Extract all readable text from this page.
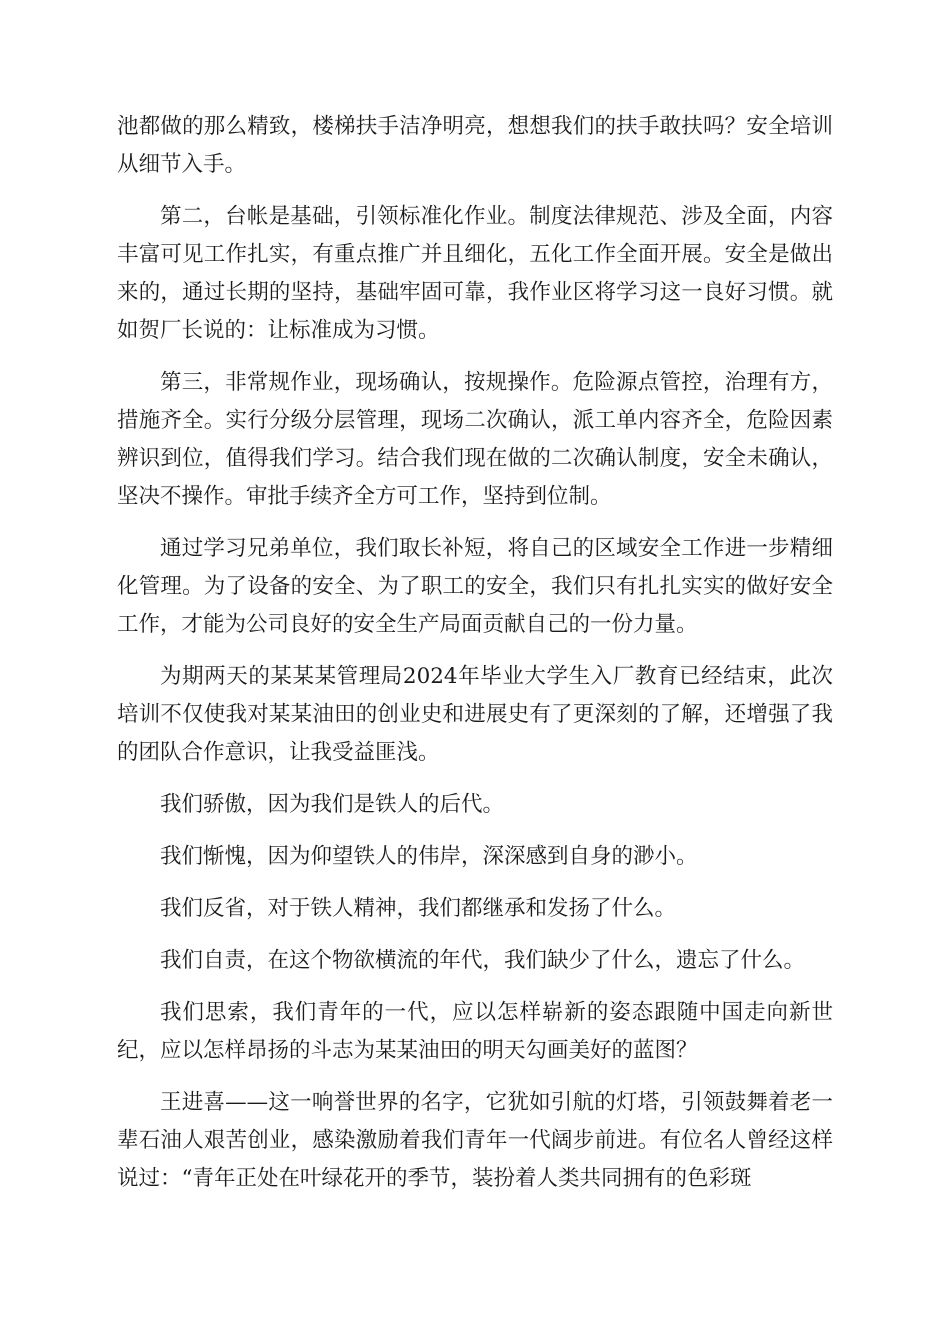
池都做的那么精致，楼梯扶手洁净明亮，想想我们的扶手敢扶吗？安全培训从细节入手。

第二，台帐是基础，引领标准化作业。制度法律规范、涉及全面，内容丰富可见工作扎实，有重点推广并且细化，五化工作全面开展。安全是做出来的，通过长期的坚持，基础牢固可靠，我作业区将学习这一良好习惯。就如贺厂长说的：让标准成为习惯。

第三，非常规作业，现场确认，按规操作。危险源点管控，治理有方，措施齐全。实行分级分层管理，现场二次确认，派工单内容齐全，危险因素辨识到位，值得我们学习。结合我们现在做的二次确认制度，安全未确认，坚决不操作。审批手续齐全方可工作，坚持到位制。

通过学习兄弟单位，我们取长补短，将自己的区域安全工作进一步精细化管理。为了设备的安全、为了职工的安全，我们只有扎扎实实的做好安全工作，才能为公司良好的安全生产局面贡献自己的一份力量。

为期两天的某某某管理局2024年毕业大学生入厂教育已经结束，此次培训不仅使我对某某油田的创业史和进展史有了更深刻的了解，还增强了我的团队合作意识，让我受益匪浅。

我们骄傲，因为我们是铁人的后代。

我们惭愧，因为仰望铁人的伟岸，深深感到自身的渺小。

我们反省，对于铁人精神，我们都继承和发扬了什么。

我们自责，在这个物欲横流的年代，我们缺少了什么，遗忘了什么。

我们思索，我们青年的一代，应以怎样崭新的姿态跟随中国走向新世纪，应以怎样昂扬的斗志为某某油田的明天勾画美好的蓝图？

王进喜——这一响誉世界的名字，它犹如引航的灯塔，引领鼓舞着老一辈石油人艰苦创业，感染激励着我们青年一代阔步前进。有位名人曾经这样说过：“青年正处在叶绿花开的季节，装扮着人类共同拥有的色彩斑
